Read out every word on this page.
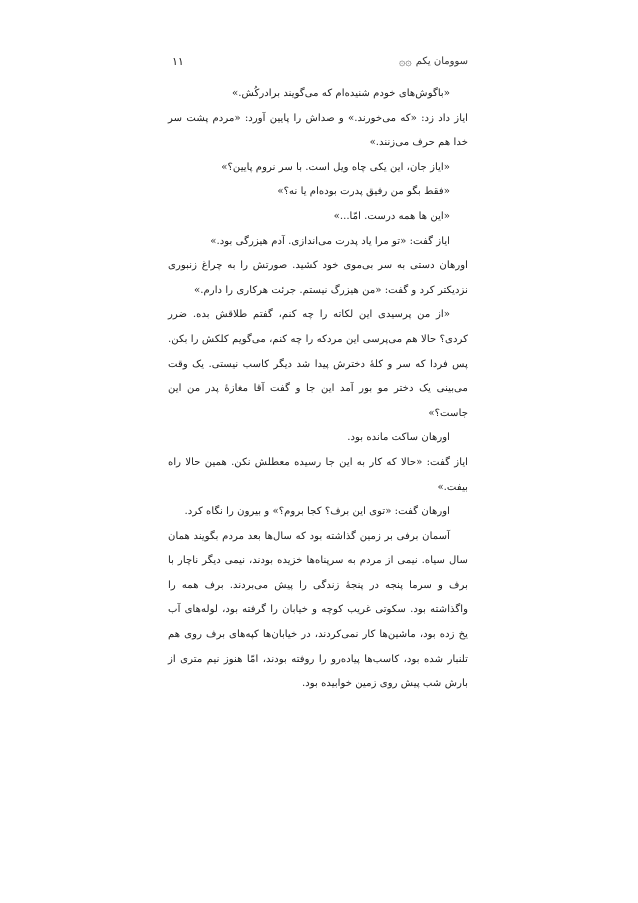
۱۱	سوومان یکم
۞۞

«باگوش‌های خودم شنیده‌ام که می‌گویند برادرکُش.»

ایاز داد زد: «که می‌خورند.» و صداش را پایین آورد: «مردم پشت سر خدا هم حرف می‌زنند.»

«ایاز جان، این یکی چاه ویل است. با سر نروم پایین؟»

«فقط بگو من رفیق پدرت بوده‌ام یا نه؟»

«این ها همه درست. امّا...»

ایاز گفت: «تو مرا یاد پدرت می‌اندازی. آدم هیزرگی بود.»

اورهان دستی به سر بی‌موی خود کشید. صورتش را به چراغ زنبوری نزدیکتر کرد و گفت: «من هیزرگ نیستم. جرئت هرکاری را دارم.»

«از من پرسیدی این لکاته را چه کنم، گفتم طلاقش بده. ضرر کردی؟ حالا هم می‌پرسی این مردکه را چه کنم، می‌گویم کلکش را بکن. پس فردا که سر و کلهٔ دخترش پیدا شد دیگر کاسب نیستی. یک وقت می‌بینی یک دختر مو بور آمد این جا و گفت آقا مغازهٔ پدر من این جاست؟»

اورهان ساکت مانده بود.

ایاز گفت: «حالا که کار به این جا رسیده معطلش نکن. همین حالا راه بیفت.»

اورهان گفت: «توی این برف؟ کجا بروم؟» و بیرون را نگاه کرد.

آسمان برفی بر زمین گذاشته بود که سال‌ها بعد مردم بگویند همان سال سیاه. نیمی از مردم به سرپناه‌ها خزیده بودند، نیمی دیگر ناچار با برف و سرما پنجه در پنجهٔ زندگی را پیش می‌بردند. برف همه را واگذاشته بود. سکوتی غریب کوچه و خیابان را گرفته بود، لوله‌های آب یخ زده بود، ماشین‌ها کار نمی‌کردند، در خیابان‌ها کپه‌های برف روی هم تلنبار شده بود، کاسب‌ها پیاده‌رو را روفته بودند، امّا هنوز نیم متری از بارش شب پیش روی زمین خوابیده بود.
